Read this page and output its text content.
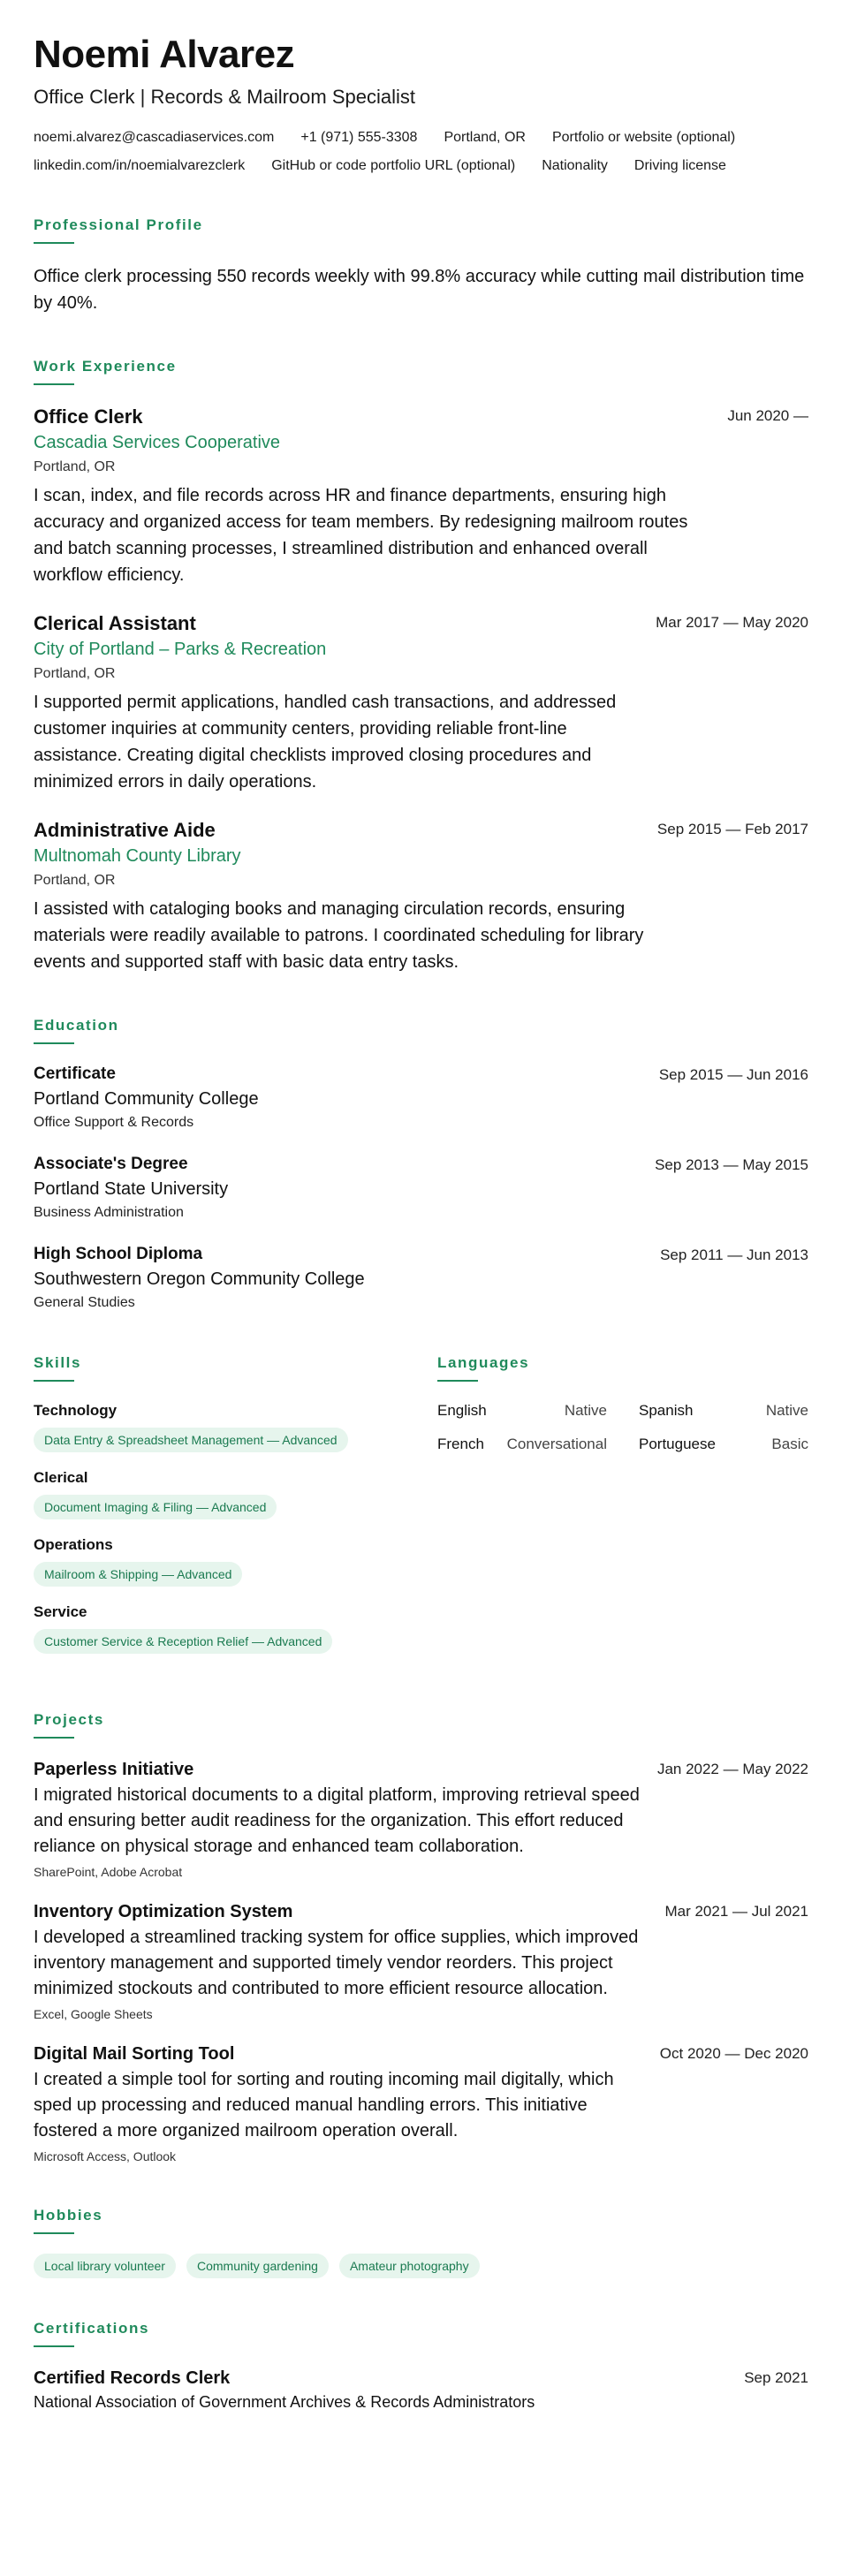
Noemi Alvarez
Office Clerk | Records & Mailroom Specialist
noemi.alvarez@cascadiaservices.com +1 (971) 555-3308 Portland, OR Portfolio or website (optional)
linkedin.com/in/noemialvarezclerk GitHub or code portfolio URL (optional) Nationality Driving license
Professional Profile
Office clerk processing 550 records weekly with 99.8% accuracy while cutting mail distribution time by 40%.
Work Experience
Office Clerk
Cascadia Services Cooperative
Portland, OR
I scan, index, and file records across HR and finance departments, ensuring high accuracy and organized access for team members. By redesigning mailroom routes and batch scanning processes, I streamlined distribution and enhanced overall workflow efficiency.
Jun 2020 —
Clerical Assistant
City of Portland – Parks & Recreation
Portland, OR
I supported permit applications, handled cash transactions, and addressed customer inquiries at community centers, providing reliable front-line assistance. Creating digital checklists improved closing procedures and minimized errors in daily operations.
Mar 2017 — May 2020
Administrative Aide
Multnomah County Library
Portland, OR
I assisted with cataloging books and managing circulation records, ensuring materials were readily available to patrons. I coordinated scheduling for library events and supported staff with basic data entry tasks.
Sep 2015 — Feb 2017
Education
Certificate
Portland Community College
Office Support & Records
Sep 2015 — Jun 2016
Associate's Degree
Portland State University
Business Administration
Sep 2013 — May 2015
High School Diploma
Southwestern Oregon Community College
General Studies
Sep 2011 — Jun 2013
Skills
Technology
Data Entry & Spreadsheet Management — Advanced
Clerical
Document Imaging & Filing — Advanced
Operations
Mailroom & Shipping — Advanced
Service
Customer Service & Reception Relief — Advanced
Languages
English	Native Spanish	Native
French Conversational Portuguese	Basic
Projects
Paperless Initiative
I migrated historical documents to a digital platform, improving retrieval speed and ensuring better audit readiness for the organization. This effort reduced reliance on physical storage and enhanced team collaboration.
SharePoint, Adobe Acrobat
Jan 2022 — May 2022
Inventory Optimization System
I developed a streamlined tracking system for office supplies, which improved inventory management and supported timely vendor reorders. This project minimized stockouts and contributed to more efficient resource allocation.
Excel, Google Sheets
Mar 2021 — Jul 2021
Digital Mail Sorting Tool
I created a simple tool for sorting and routing incoming mail digitally, which sped up processing and reduced manual handling errors. This initiative fostered a more organized mailroom operation overall.
Microsoft Access, Outlook
Oct 2020 — Dec 2020
Hobbies
Local library volunteer	Community gardening	Amateur photography
Certifications
Certified Records Clerk
National Association of Government Archives & Records Administrators
Sep 2021
